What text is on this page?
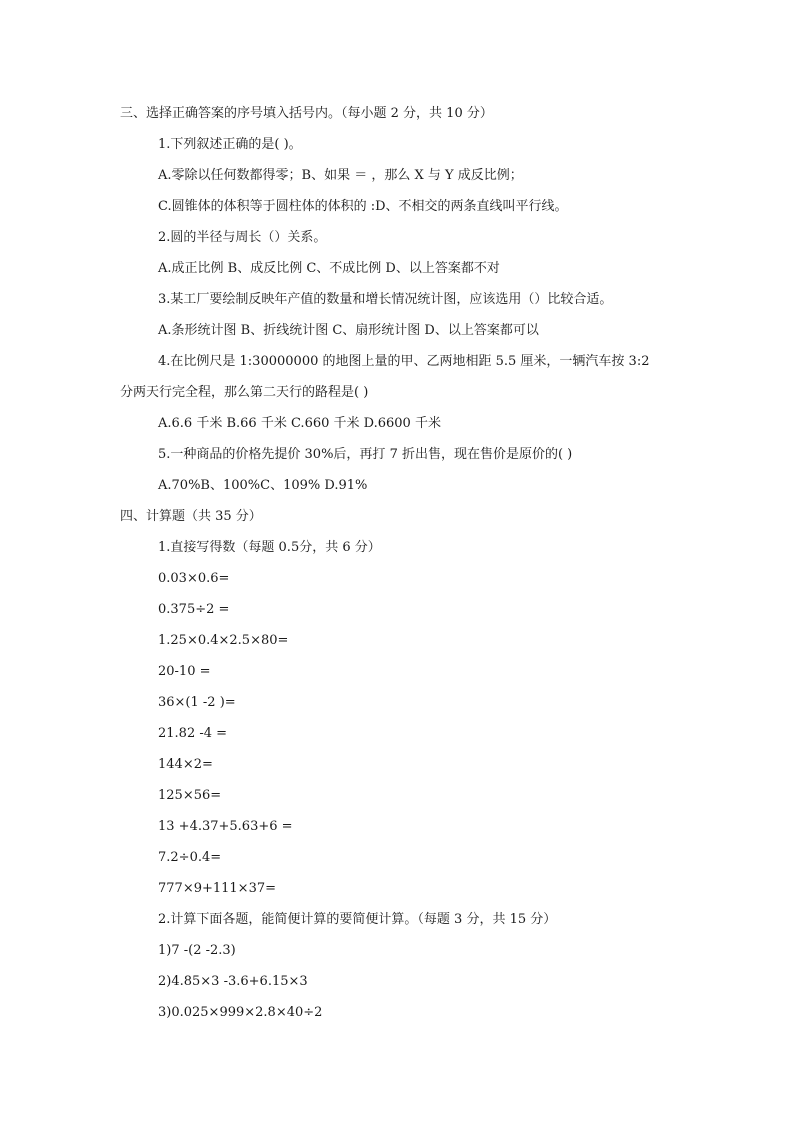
三、选择正确答案的序号填入括号内。（每小题 2 分，共 10 分）
1.下列叙述正确的是( )。
A.零除以任何数都得零；B、如果 ＝ ，那么 X 与 Y 成反比例；
C.圆锥体的体积等于圆柱体的体积的 :D、不相交的两条直线叫平行线。
2.圆的半径与周长（）关系。
A.成正比例 B、成反比例 C、不成比例 D、以上答案都不对
3.某工厂要绘制反映年产值的数量和增长情况统计图，应该选用（）比较合适。
A.条形统计图 B、折线统计图 C、扇形统计图 D、以上答案都可以
4.在比例尺是 1:30000000 的地图上量的甲、乙两地相距 5.5 厘米，一辆汽车按 3:2
分两天行完全程，那么第二天行的路程是( )
A.6.6 千米 B.66 千米 C.660 千米 D.6600 千米
5.一种商品的价格先提价 30%后，再打 7 折出售，现在售价是原价的( )
A.70%B、100%C、109% D.91%
四、计算题（共 35 分）
1.直接写得数（每题 0.5分，共 6 分）
0.03×0.6=
0.375÷2 =
1.25×0.4×2.5×80=
20-10 =
36×(1 -2 )=
21.82 -4 =
144×2=
125×56=
13 +4.37+5.63+6 =
7.2÷0.4=
777×9+111×37=
2.计算下面各题，能简便计算的要简便计算。（每题 3 分，共 15 分）
1)7 -(2 -2.3)
2)4.85×3 -3.6+6.15×3
3)0.025×999×2.8×40÷2
